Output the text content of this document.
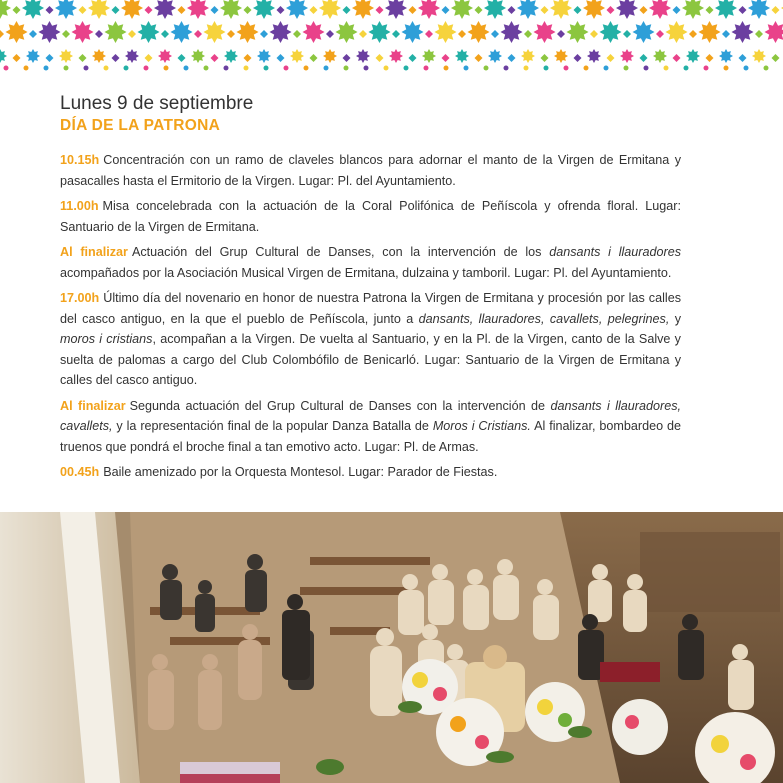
Lunes 9 de septiembre
DÍA DE LA PATRONA

10.15h Concentración con un ramo de claveles blancos para adornar el manto de la Virgen de Ermitana y pasacalles hasta el Ermitorio de la Virgen. Lugar: Pl. del Ayuntamiento.

11.00h Misa concelebrada con la actuación de la Coral Polifónica de Peñíscola y ofrenda floral. Lugar: Santuario de la Virgen de Ermitana.

Al finalizar Actuación del Grup Cultural de Danses, con la intervención de los dansants i llauradores acompañados por la Asociación Musical Virgen de Ermitana, dulzaina y tamboril. Lugar: Pl. del Ayuntamiento.

17.00h Último día del novenario en honor de nuestra Patrona la Virgen de Ermitana y procesión por las calles del casco antiguo, en la que el pueblo de Peñíscola, junto a dansants, llauradores, cavallets, pelegrines, y moros i cristians, acompañan a la Virgen. De vuelta al Santuario, y en la Pl. de la Virgen, canto de la Salve y suelta de palomas a cargo del Club Colombófilo de Benicarló. Lugar: Santuario de la Virgen de Ermitana y calles del casco antiguo.

Al finalizar Segunda actuación del Grup Cultural de Danses con la intervención de dansants i llauradores, cavallets, y la representación final de la popular Danza Batalla de Moros i Cristians. Al finalizar, bombardeo de truenos que pondrá el broche final a tan emotivo acto. Lugar: Pl. de Armas.

00.45h Baile amenizado por la Orquesta Montesol. Lugar: Parador de Fiestas.
